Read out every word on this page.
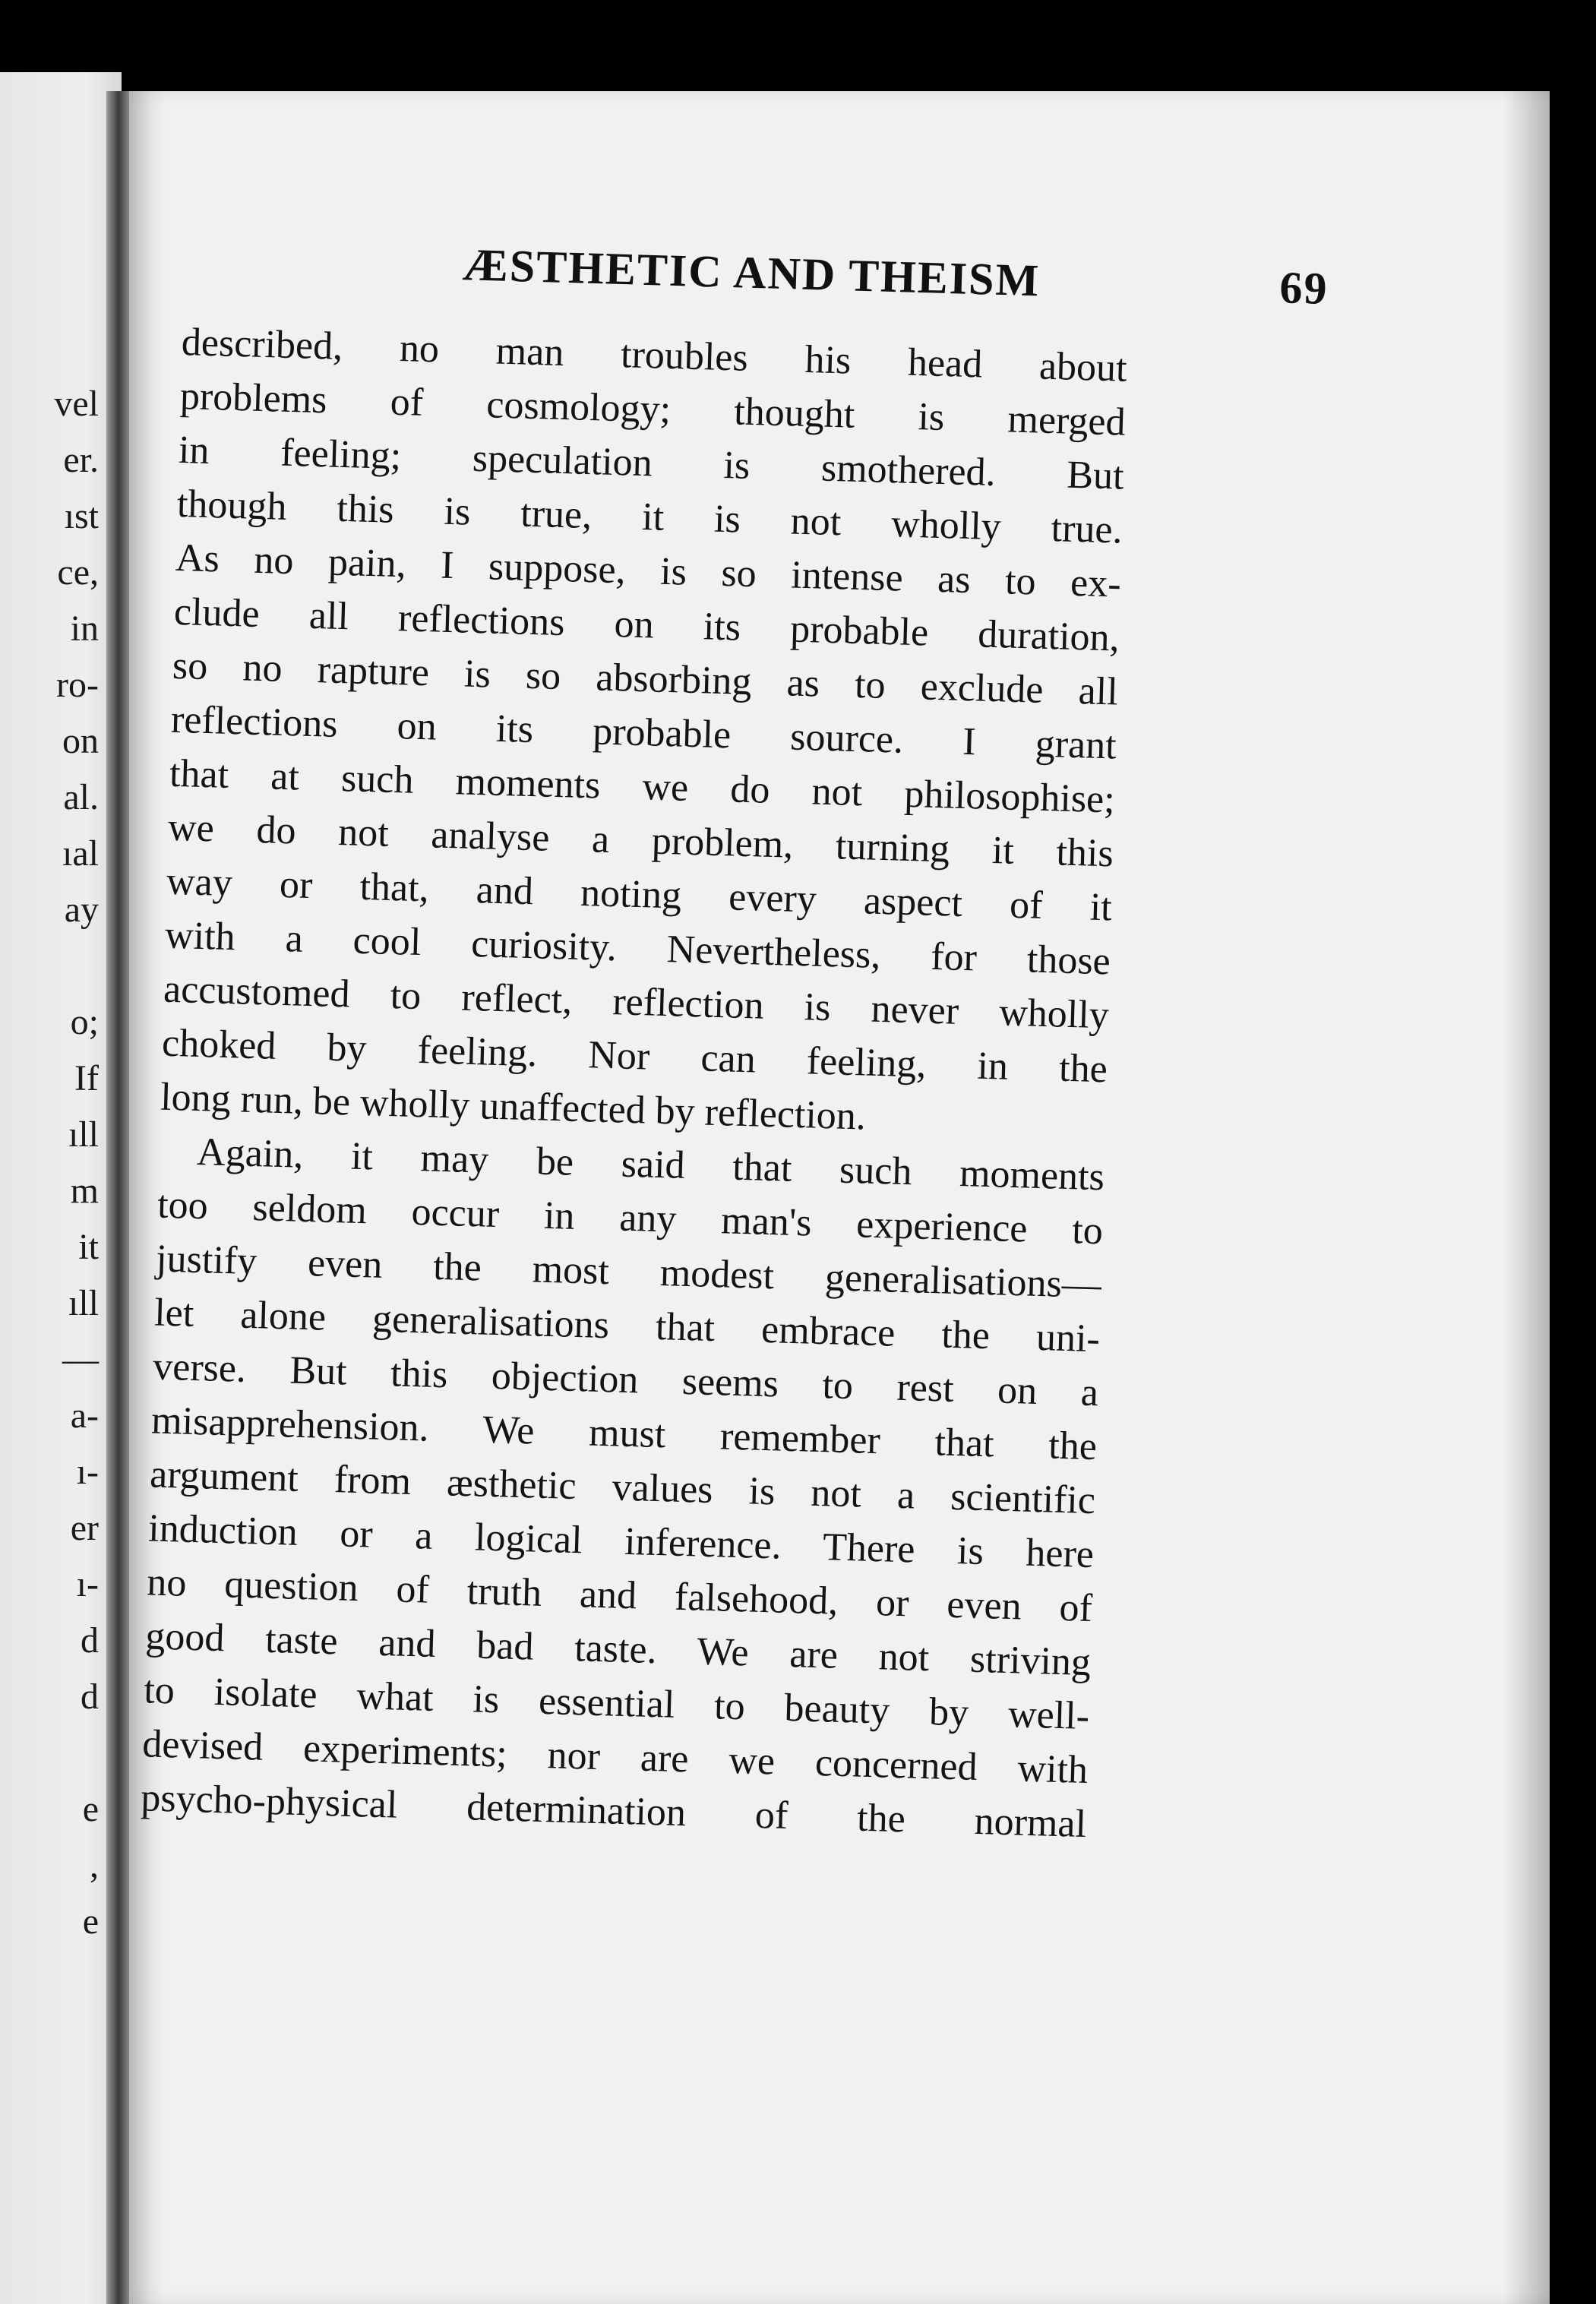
vel
er.
ıst
ce,
in
ro-
on
al.
ıal
ay
o;
If
ıll
m
it
ıll
—
a-
ı-
er
ı-
d
d
e
,
e
ÆSTHETIC AND THEISM	69
described, no man troubles his head about
problems of cosmology; thought is merged
in feeling; speculation is smothered. But
though this is true, it is not wholly true.
As no pain, I suppose, is so intense as to ex-
clude all reflections on its probable duration,
so no rapture is so absorbing as to exclude all
reflections on its probable source. I grant
that at such moments we do not philosophise;
we do not analyse a problem, turning it this
way or that, and noting every aspect of it
with a cool curiosity. Nevertheless, for those
accustomed to reflect, reflection is never wholly
choked by feeling. Nor can feeling, in the
long run, be wholly unaffected by reflection.
Again, it may be said that such moments
too seldom occur in any man's experience to
justify even the most modest generalisations—
let alone generalisations that embrace the uni-
verse. But this objection seems to rest on a
misapprehension. We must remember that the
argument from æsthetic values is not a scientific
induction or a logical inference. There is here
no question of truth and falsehood, or even of
good taste and bad taste. We are not striving
to isolate what is essential to beauty by well-
devised experiments; nor are we concerned with
psycho-physical determination of the normal
